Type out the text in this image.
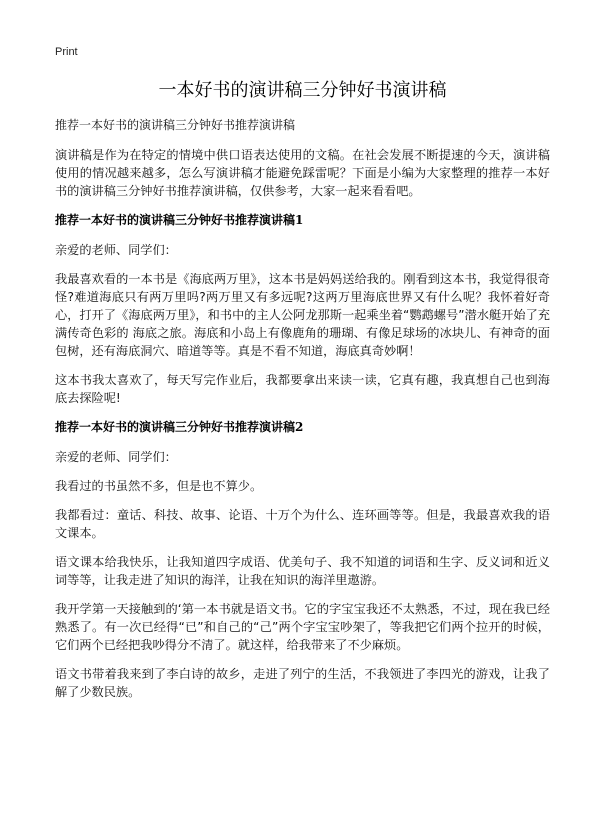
Print
一本好书的演讲稿三分钟好书演讲稿

推荐一本好书的演讲稿三分钟好书推荐演讲稿

演讲稿是作为在特定的情境中供口语表达使用的文稿。在社会发展不断提速的今天，演讲稿使用的情况越来越多，怎么写演讲稿才能避免踩雷呢？下面是小编为大家整理的推荐一本好书的演讲稿三分钟好书推荐演讲稿，仅供参考，大家一起来看看吧。

推荐一本好书的演讲稿三分钟好书推荐演讲稿1

亲爱的老师、同学们：

我最喜欢看的一本书是《海底两万里》，这本书是妈妈送给我的。刚看到这本书，我觉得很奇怪?难道海底只有两万里吗?两万里又有多远呢?这两万里海底世界又有什么呢？我怀着好奇心，打开了《海底两万里》，和书中的主人公阿龙那斯一起乘坐着“鹦鹉螺号”潜水艇开始了充满传奇色彩的 海底之旅。海底和小岛上有像鹿角的珊瑚、有像足球场的冰块儿、有神奇的面包树，还有海底洞穴、暗道等等。真是不看不知道，海底真奇妙啊！

这本书我太喜欢了，每天写完作业后，我都要拿出来读一读，它真有趣，我真想自己也到海底去探险呢!

推荐一本好书的演讲稿三分钟好书推荐演讲稿2

亲爱的老师、同学们：

我看过的书虽然不多，但是也不算少。

我都看过：童话、科技、故事、论语、十万个为什么、连环画等等。但是，我最喜欢我的语文课本。

语文课本给我快乐，让我知道四字成语、优美句子、我不知道的词语和生字、反义词和近义词等等，让我走进了知识的海洋，让我在知识的海洋里遨游。

我开学第一天接触到的‘第一本书就是语文书。它的字宝宝我还不太熟悉，不过，现在我已经熟悉了。有一次已经得“已”和自己的“己”两个字宝宝吵架了，等我把它们两个拉开的时候，它们两个已经把我吵得分不清了。就这样，给我带来了不少麻烦。

语文书带着我来到了李白诗的故乡，走进了列宁的生活，不我领进了李四光的游戏，让我了解了少数民族。
